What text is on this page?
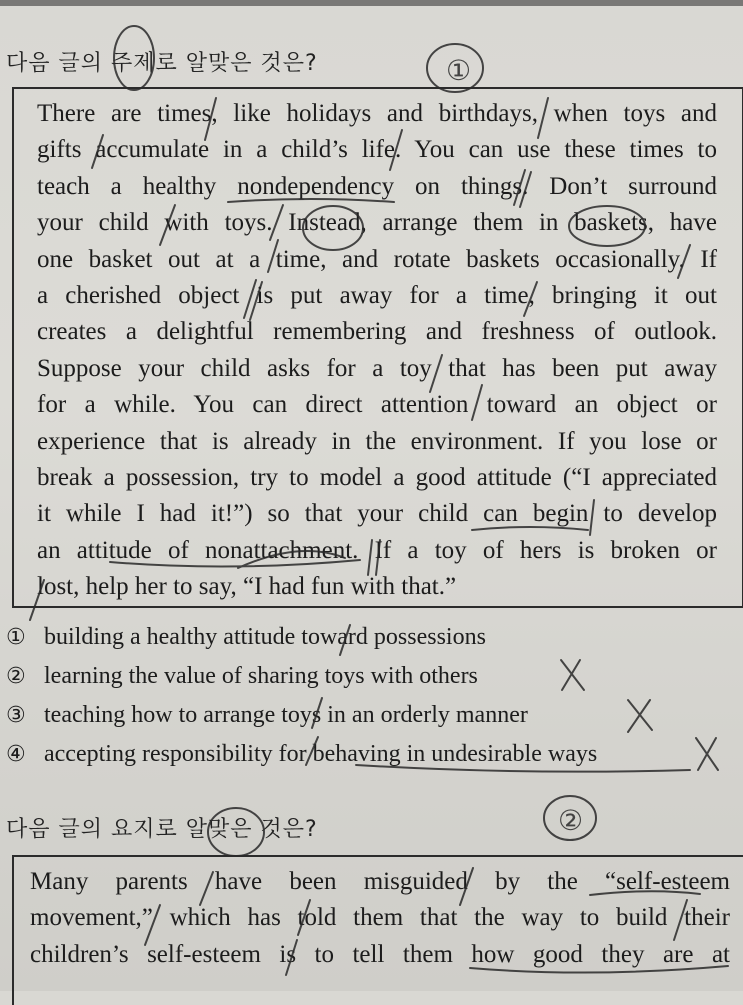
다음 글의 주제로 알맞은 것은?
There are times, like holidays and birthdays, when toys and
gifts accumulate in a child’s life. You can use these times to
teach a healthy nondependency on things. Don’t surround
your child with toys. Instead, arrange them in baskets, have
one basket out at a time, and rotate baskets occasionally. If
a cherished object is put away for a time, bringing it out
creates a delightful remembering and freshness of outlook.
Suppose your child asks for a toy that has been put away
for a while. You can direct attention toward an object or
experience that is already in the environment. If you lose or
break a possession, try to model a good attitude (“I appreciated
it while I had it!”) so that your child can begin to develop
an attitude of nonattachment. If a toy of hers is broken or
lost, help her to say, “I had fun with that.”
① building a healthy attitude toward possessions
② learning the value of sharing toys with others
③ teaching how to arrange toys in an orderly manner
④ accepting responsibility for behaving in undesirable ways
다음 글의 요지로 알맞은 것은?
Many parents have been misguided by the “self-esteem
movement,” which has told them that the way to build their
children’s self-esteem is to tell them how good they are at
①
②
